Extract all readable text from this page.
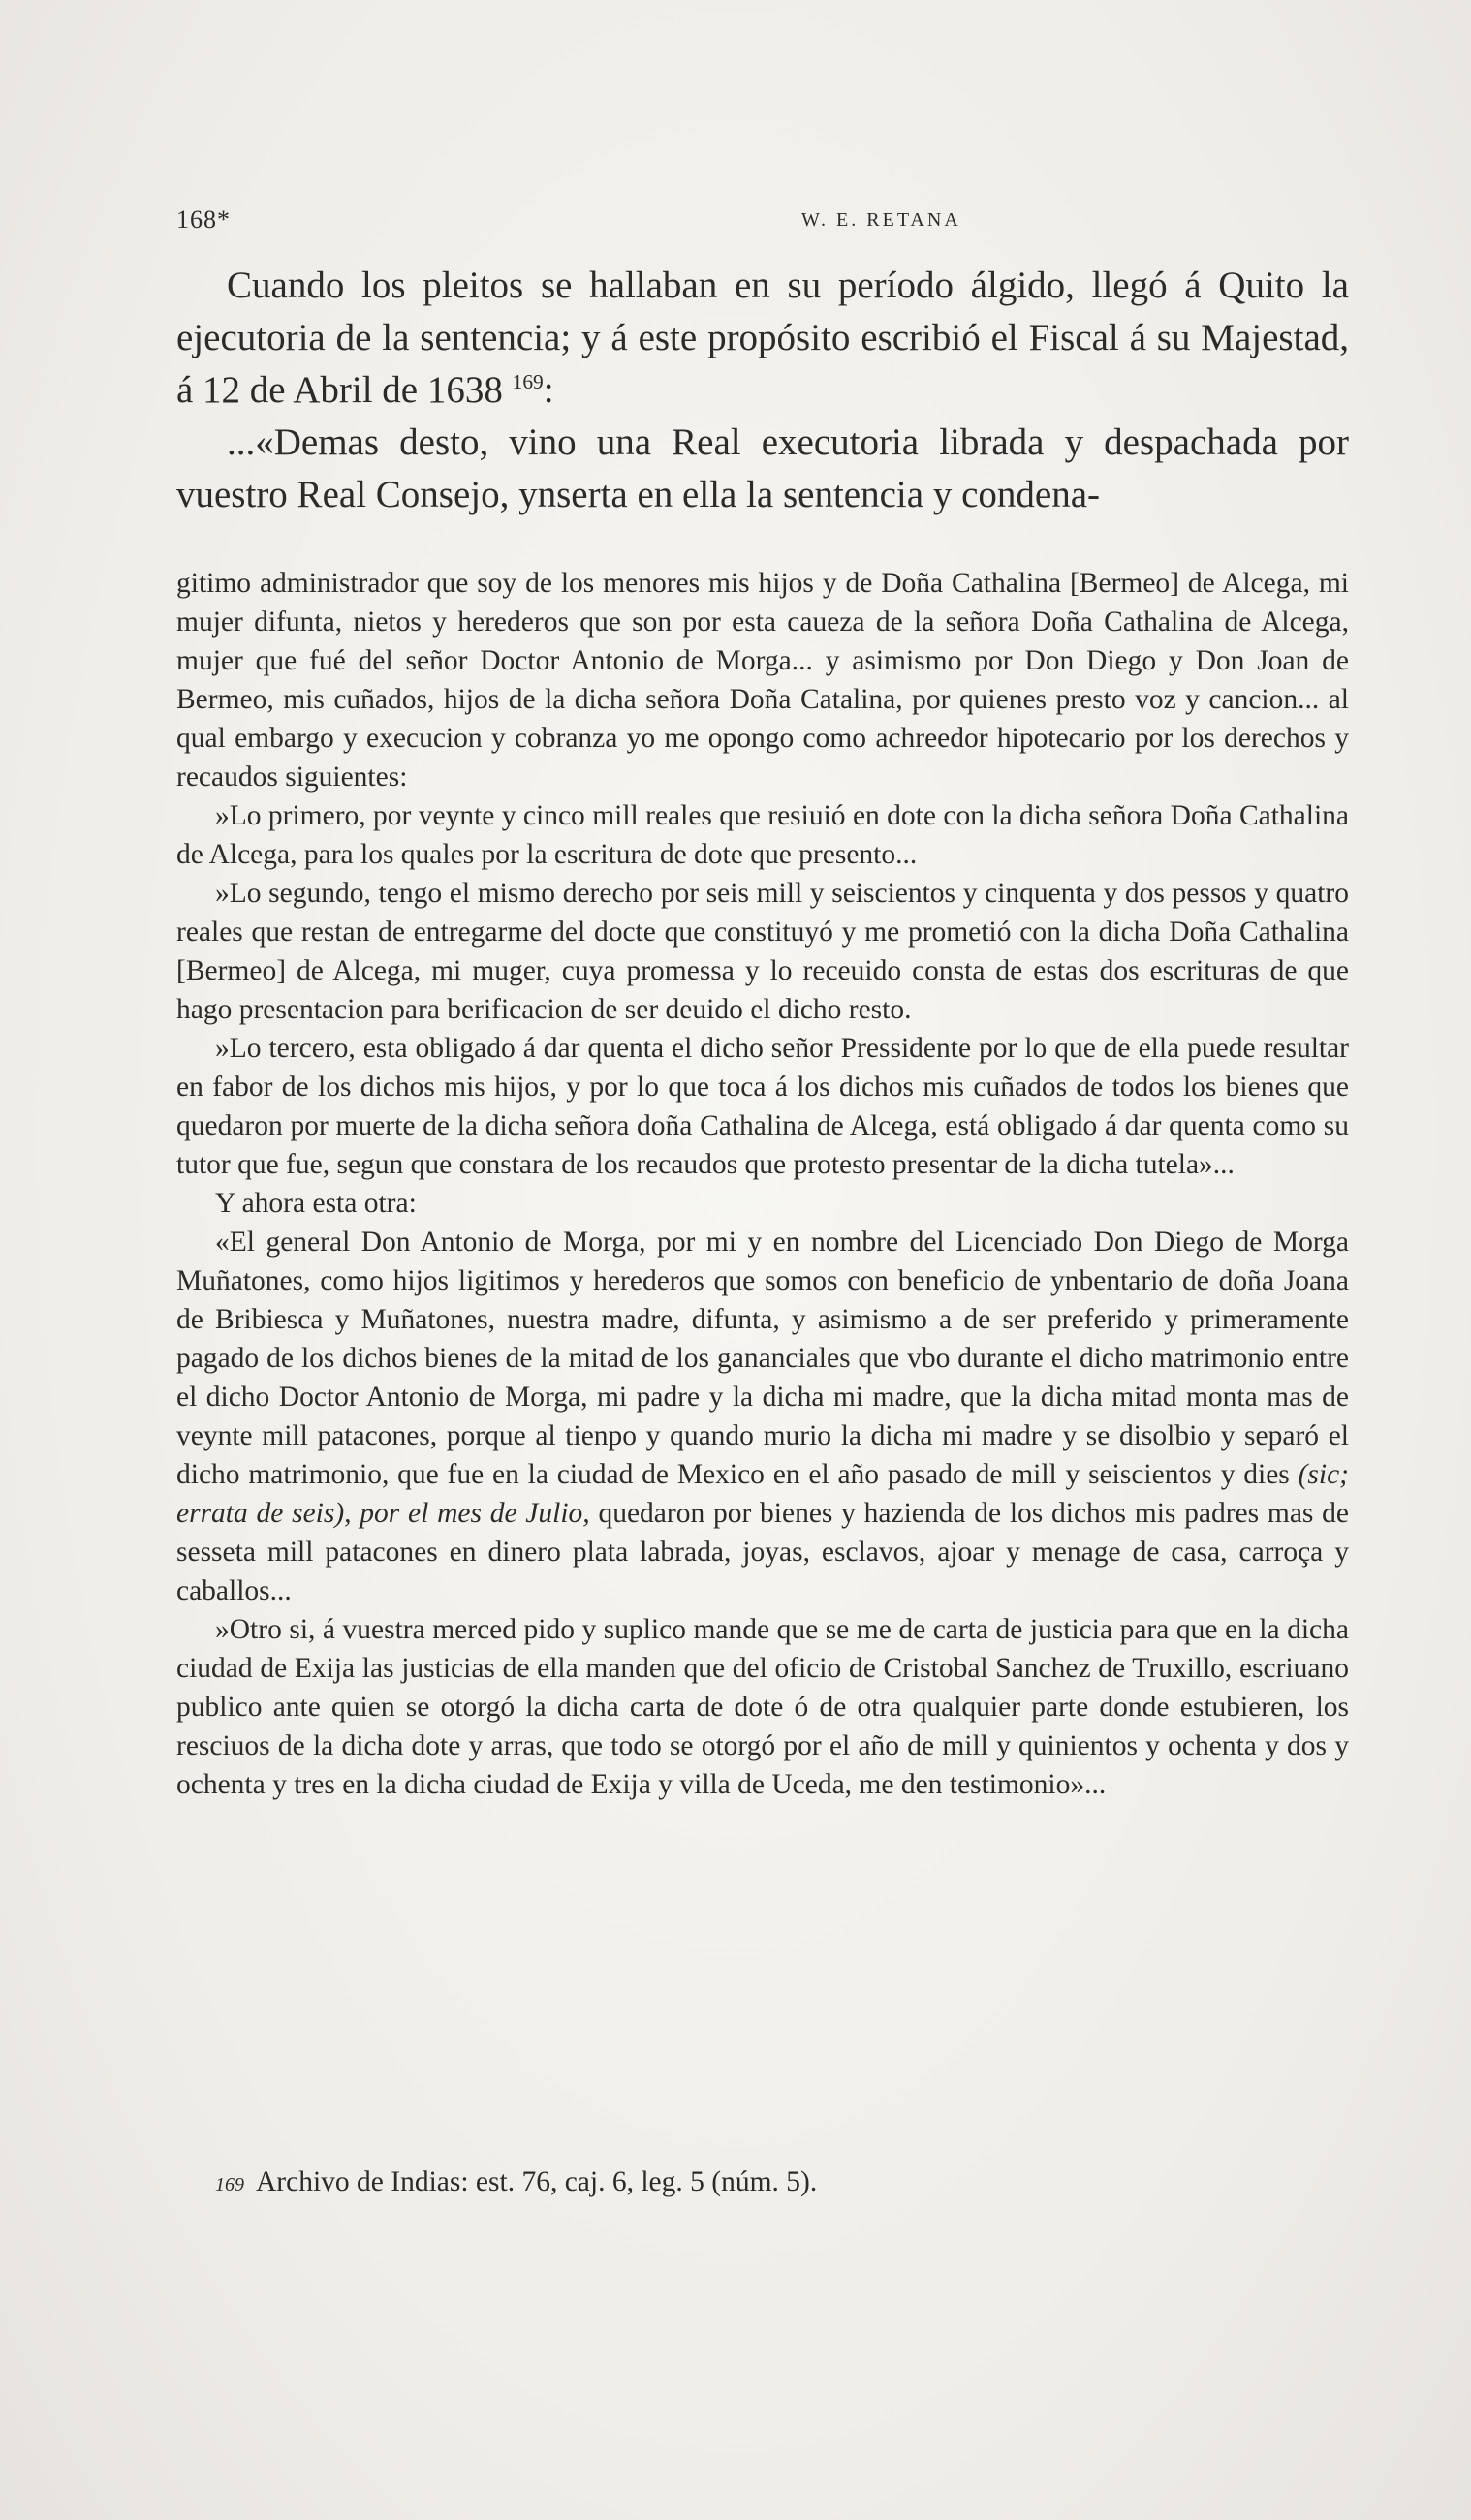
168*	W. E. RETANA

Cuando los pleitos se hallaban en su período álgido, llegó á Quito la ejecutoria de la sentencia; y á este propósito escribió el Fiscal á su Majestad, á 12 de Abril de 1638 $^{169}$:

...«Demas desto, vino una Real executoria librada y despachada por vuestro Real Consejo, ynserta en ella la sentencia y condena-

gitimo administrador que soy de los menores mis hijos y de Doña Cathalina [Bermeo] de Alcega, mi mujer difunta, nietos y herederos que son por esta caueza de la señora Doña Cathalina de Alcega, mujer que fué del señor Doctor Antonio de Morga... y asimismo por Don Diego y Don Joan de Bermeo, mis cuñados, hijos de la dicha señora Doña Catalina, por quienes presto voz y cancion... al qual embargo y execucion y cobranza yo me opongo como achreedor hipotecario por los derechos y recaudos siguientes:

»Lo primero, por veynte y cinco mill reales que resiuió en dote con la dicha señora Doña Cathalina de Alcega, para los quales por la escritura de dote que presento...

»Lo segundo, tengo el mismo derecho por seis mill y seiscientos y cinquenta y dos pessos y quatro reales que restan de entregarme del docte que constituyó y me prometió con la dicha Doña Cathalina [Bermeo] de Alcega, mi muger, cuya promessa y lo receuido consta de estas dos escrituras de que hago presentacion para berificacion de ser deuido el dicho resto.

»Lo tercero, esta obligado á dar quenta el dicho señor Pressidente por lo que de ella puede resultar en fabor de los dichos mis hijos, y por lo que toca á los dichos mis cuñados de todos los bienes que quedaron por muerte de la dicha señora doña Cathalina de Alcega, está obligado á dar quenta como su tutor que fue, segun que constara de los recaudos que protesto presentar de la dicha tutela»...

Y ahora esta otra:

«El general Don Antonio de Morga, por mi y en nombre del Licenciado Don Diego de Morga Muñatones, como hijos ligitimos y herederos que somos con beneficio de ynbentario de doña Joana de Bribiesca y Muñatones, nuestra madre, difunta, y asimismo a de ser preferido y primeramente pagado de los dichos bienes de la mitad de los gananciales que vbo durante el dicho matrimonio entre el dicho Doctor Antonio de Morga, mi padre y la dicha mi madre, que la dicha mitad monta mas de veynte mill patacones, porque al tienpo y quando murio la dicha mi madre y se disolbio y separó el dicho matrimonio, que fue en la ciudad de Mexico en el año pasado de mill y seiscientos y dies (sic; errata de seis), por el mes de Julio, quedaron por bienes y hazienda de los dichos mis padres mas de sesseta mill patacones en dinero plata labrada, joyas, esclavos, ajoar y menage de casa, carroça y caballos...

»Otro si, á vuestra merced pido y suplico mande que se me de carta de justicia para que en la dicha ciudad de Exija las justicias de ella manden que del oficio de Cristobal Sanchez de Truxillo, escriuano publico ante quien se otorgó la dicha carta de dote ó de otra qualquier parte donde estubieren, los resciuos de la dicha dote y arras, que todo se otorgó por el año de mill y quinientos y ochenta y dos y ochenta y tres en la dicha ciudad de Exija y villa de Uceda, me den testimonio»...

169 Archivo de Indias: est. 76, caj. 6, leg. 5 (núm. 5).
